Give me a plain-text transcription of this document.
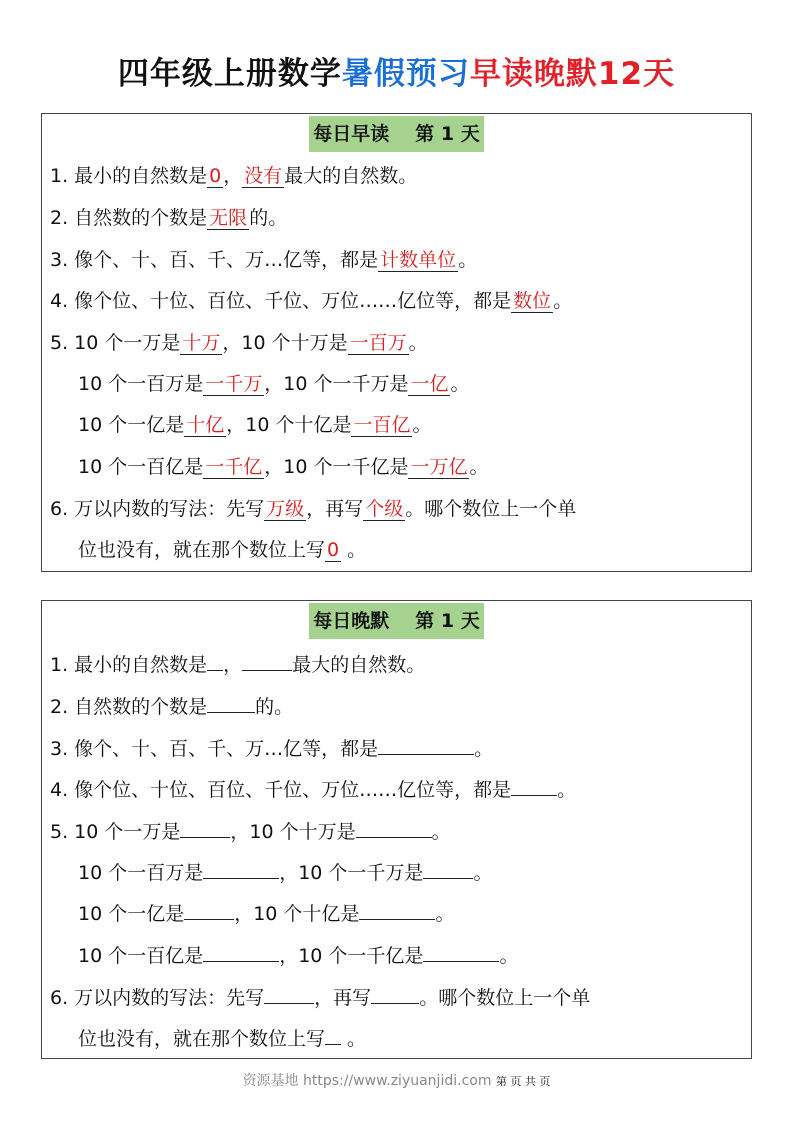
四年级上册数学暑假预习早读晚默12天
每日早读 第 1 天
1. 最小的自然数是 0 ， 没有 最大的自然数。
2. 自然数的个数是 无限 的。
3. 像个、十、百、千、万…亿等，都是 计数单位 。
4. 像个位、十位、百位、千位、万位……亿位等，都是 数位 。
5. 10 个一万是 十万 ，10 个十万是 一百万 。
10 个一百万是 一千万 ，10 个一千万是 一亿 。
10 个一亿是 十亿 ，10 个十亿是 一百亿 。
10 个一百亿是 一千亿 ，10 个一千亿是 一万亿 。
6. 万以内数的写法：先写 万级 ，再写 个级 。哪个数位上一个单
位也没有，就在那个数位上写 0 。
每日晚默 第 1 天
1. 最小的自然数是 ，	最大的自然数。
2. 自然数的个数是	的。
3. 像个、十、百、千、万…亿等，都是	。
4. 像个位、十位、百位、千位、万位……亿位等，都是 。
5. 10 个一万是	，10 个十万是	。
10 个一百万是	，10 个一千万是	。
10 个一亿是	，10 个十亿是	。
10 个一百亿是	，10 个一千亿是	。
6. 万以内数的写法：先写	，再写	。哪个数位上一个单
位也没有，就在那个数位上写 。
资源基地 https://www.ziyuanjidi.com 第 页 共 页
